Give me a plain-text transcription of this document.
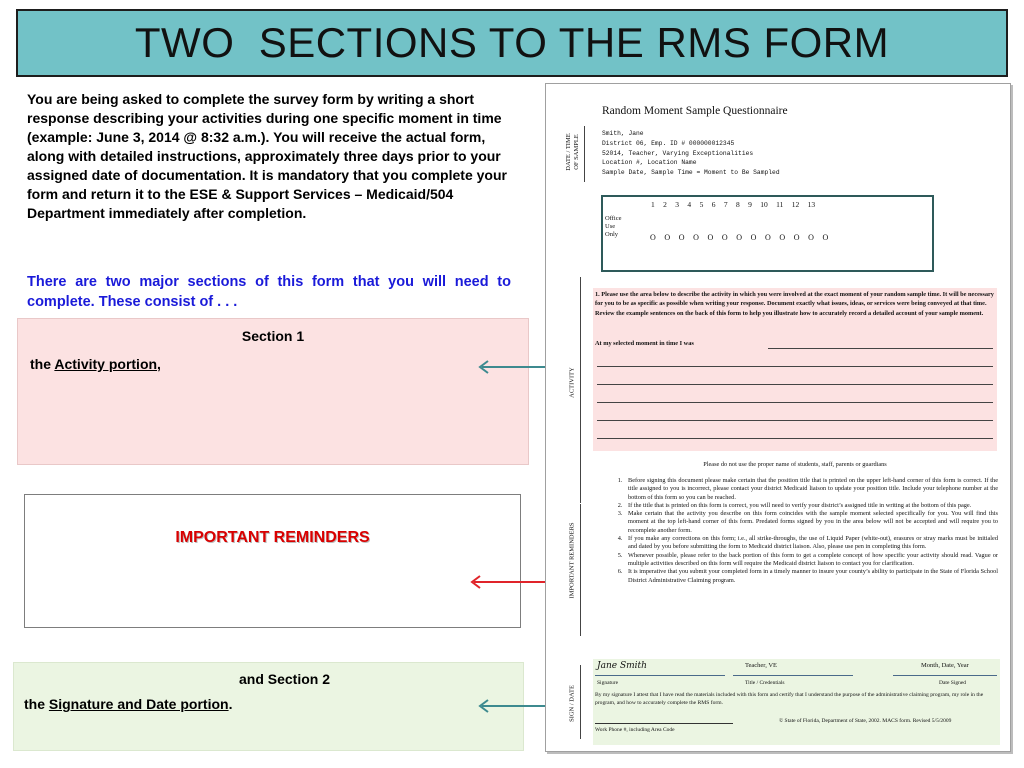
TWO  SECTIONS TO THE RMS FORM
You are being asked to complete the survey form by writing a short response describing your activities during one specific moment in time (example: June 3, 2014 @ 8:32 a.m.). You will receive the actual form, along with detailed instructions, approximately three days prior to your assigned date of documentation. It is mandatory that you complete your form and return it to the ESE & Support Services – Medicaid/504 Department immediately after completion.
There are two major sections of this form that you will need to complete. These consist of . . .
Section 1
the Activity portion,
IMPORTANT REMINDERS
and Section 2
the Signature and Date portion.
Random Moment Sample Questionnaire
Smith, Jane
District 06, Emp. ID # 000000012345
52014, Teacher, Varying Exceptionalities
Location #, Location Name
Sample Date, Sample Time = Moment to Be Sampled
DATE / TIME
OF SAMPLE
ACTIVITY
IMPORTANT REMINDERS
SIGN / DATE
1 2 3 4 5 6 7 8 9 10 11 12 13
Office
Use
Only	O O O O O O O O O O O O O
1. Please use the area below to describe the activity in which you were involved at the exact moment of your random sample time. It will be necessary for you to be as specific as possible when writing your response. Document exactly what issues, ideas, or services were being conveyed at that time. Review the example sentences on the back of this form to help you illustrate how to accurately record a detailed account of your sample moment.
At my selected moment in time I was
Please do not use the proper name of students, staff, parents or guardians
1. Before signing this document please make certain that the position title that is printed on the upper left-hand corner of this form is correct. If the title assigned to you is incorrect, please contact your district Medicaid liaison to update your position title. Include your telephone number at the bottom of this form so you can be reached.
2. If the title that is printed on this form is correct, you will need to verify your district’s assigned title in writing at the bottom of this page.
3. Make certain that the activity you describe on this form coincides with the sample moment selected specifically for you. You will find this moment at the top left-hand corner of this form. Predated forms signed by you in the area below will not be accepted and will require you to recomplete another form.
4. If you make any corrections on this form; i.e., all strike-throughs, the use of Liquid Paper (white-out), erasures or stray marks must be initialed and dated by you before submitting the form to Medicaid district liaison. Also, please use pen in completing this form.
5. Whenever possible, please refer to the back portion of this form to get a complete concept of how specific your activity should read. Vague or multiple activities described on this form will require the Medicaid district liaison to contact you for clarification.
6. It is imperative that you submit your completed form in a timely manner to insure your county’s ability to participate in the State of Florida School District Administrative Claiming program.
Jane Smith	Teacher, VE	Month, Date, Year
Signature	Title / Credentials	Date Signed
By my signature I attest that I have read the materials included with this form and certify that I understand the purpose of the administrative claiming program, my role in the program, and how to accurately complete the RMS form.
© State of Florida, Department of State, 2002. MACS form. Revised 5/5/2009
Work Phone #, including Area Code
